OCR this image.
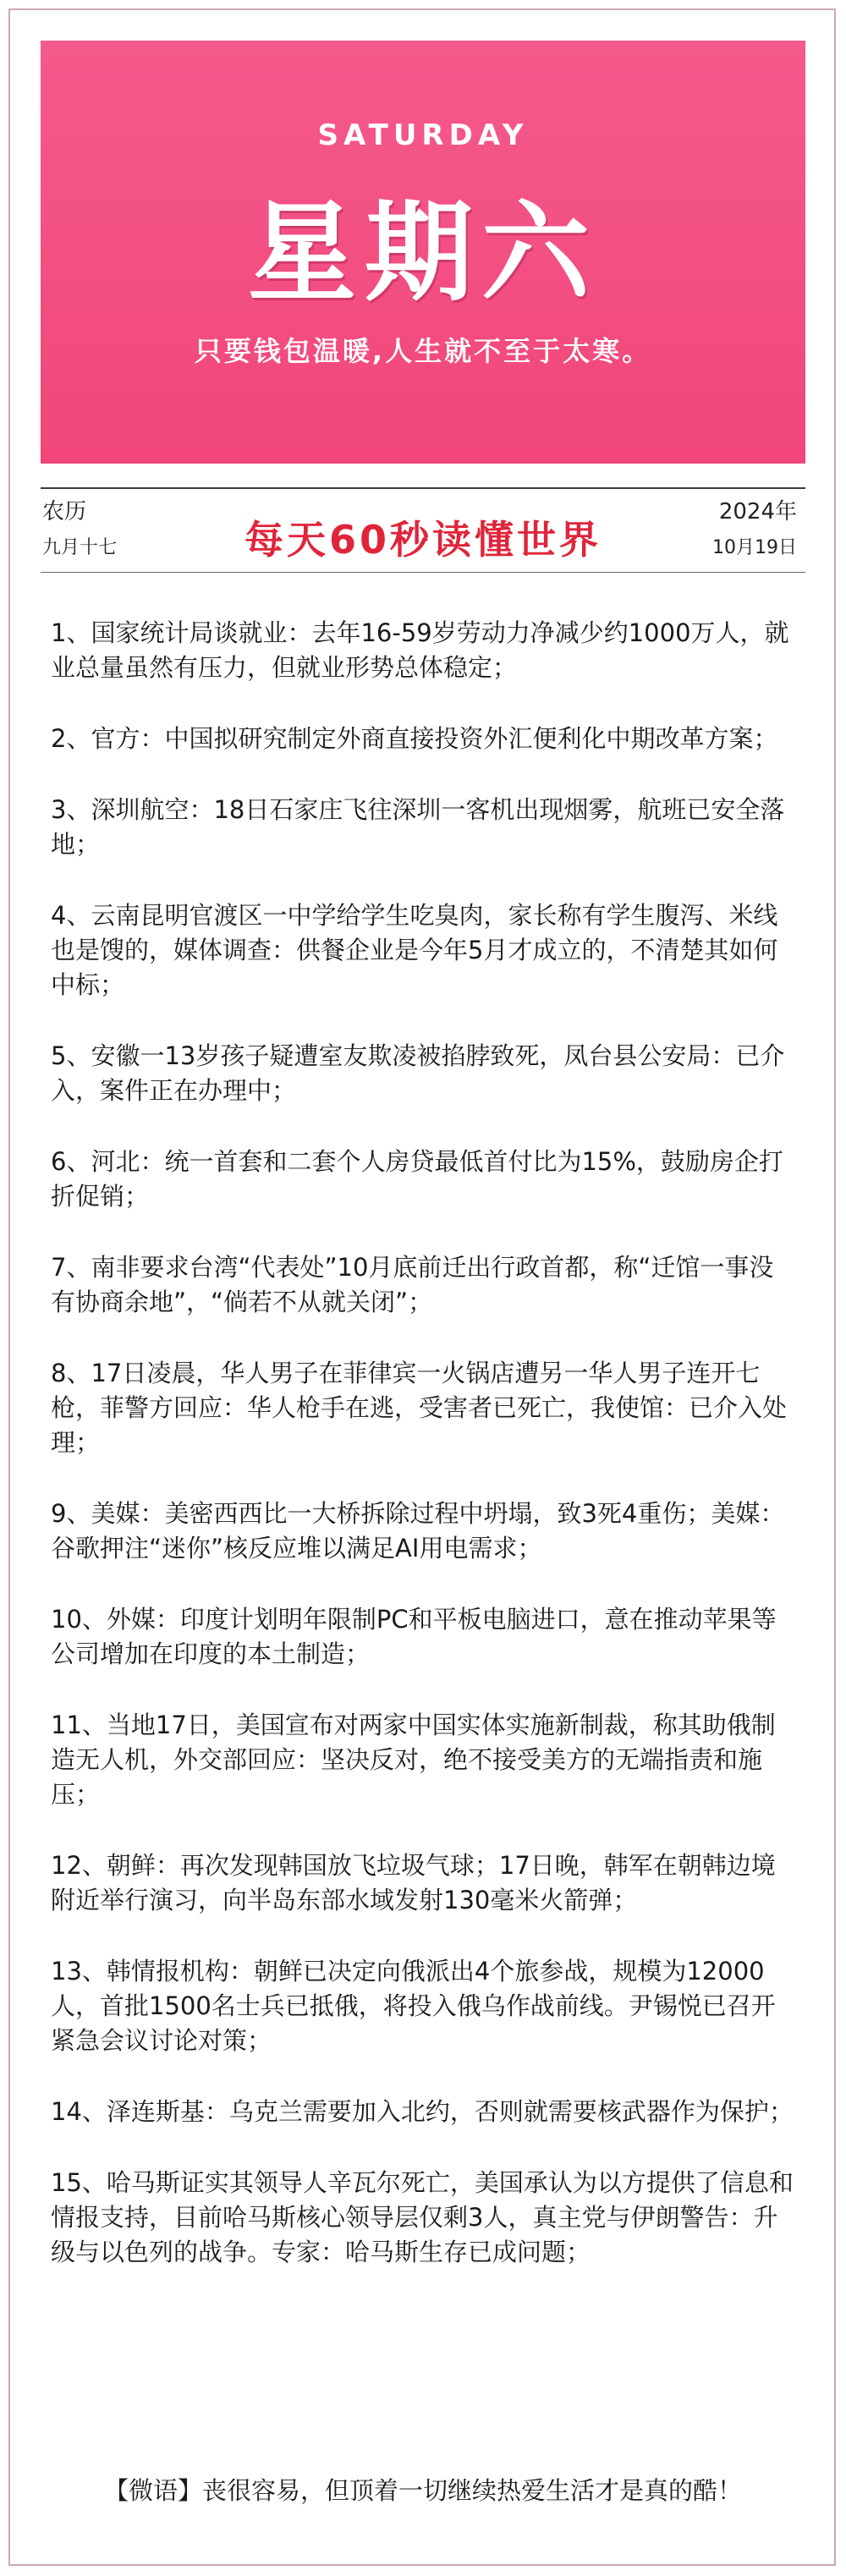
SATURDAY
星期六
只要钱包温暖,人生就不至于太寒。
农历
九月十七	每天60秒读懂世界
2024年
10月19日
1、国家统计局谈就业：去年16-59岁劳动力净减少约1000万人，就业总量虽然有压力，但就业形势总体稳定；
2、官方：中国拟研究制定外商直接投资外汇便利化中期改革方案；
3、深圳航空：18日石家庄飞往深圳一客机出现烟雾，航班已安全落地；
4、云南昆明官渡区一中学给学生吃臭肉，家长称有学生腹泻、米线也是馊的，媒体调查：供餐企业是今年5月才成立的，不清楚其如何中标；
5、安徽一13岁孩子疑遭室友欺凌被掐脖致死，凤台县公安局：已介入，案件正在办理中；
6、河北：统一首套和二套个人房贷最低首付比为15%，鼓励房企打折促销；
7、南非要求台湾“代表处”10月底前迁出行政首都，称“迁馆一事没有协商余地”，“倘若不从就关闭”；
8、17日凌晨，华人男子在菲律宾一火锅店遭另一华人男子连开七枪，菲警方回应：华人枪手在逃，受害者已死亡，我使馆：已介入处理；
9、美媒：美密西西比一大桥拆除过程中坍塌，致3死4重伤；美媒：谷歌押注“迷你”核反应堆以满足AI用电需求；
10、外媒：印度计划明年限制PC和平板电脑进口，意在推动苹果等公司增加在印度的本土制造；
11、当地17日，美国宣布对两家中国实体实施新制裁，称其助俄制造无人机，外交部回应：坚决反对，绝不接受美方的无端指责和施压；
12、朝鲜：再次发现韩国放飞垃圾气球；17日晚，韩军在朝韩边境附近举行演习，向半岛东部水域发射130毫米火箭弹；
13、韩情报机构：朝鲜已决定向俄派出4个旅参战，规模为12000人，首批1500名士兵已抵俄，将投入俄乌作战前线。尹锡悦已召开紧急会议讨论对策；
14、泽连斯基：乌克兰需要加入北约，否则就需要核武器作为保护；
15、哈马斯证实其领导人辛瓦尔死亡，美国承认为以方提供了信息和情报支持，目前哈马斯核心领导层仅剩3人，真主党与伊朗警告：升级与以色列的战争。专家：哈马斯生存已成问题；
【微语】丧很容易，但顶着一切继续热爱生活才是真的酷！
